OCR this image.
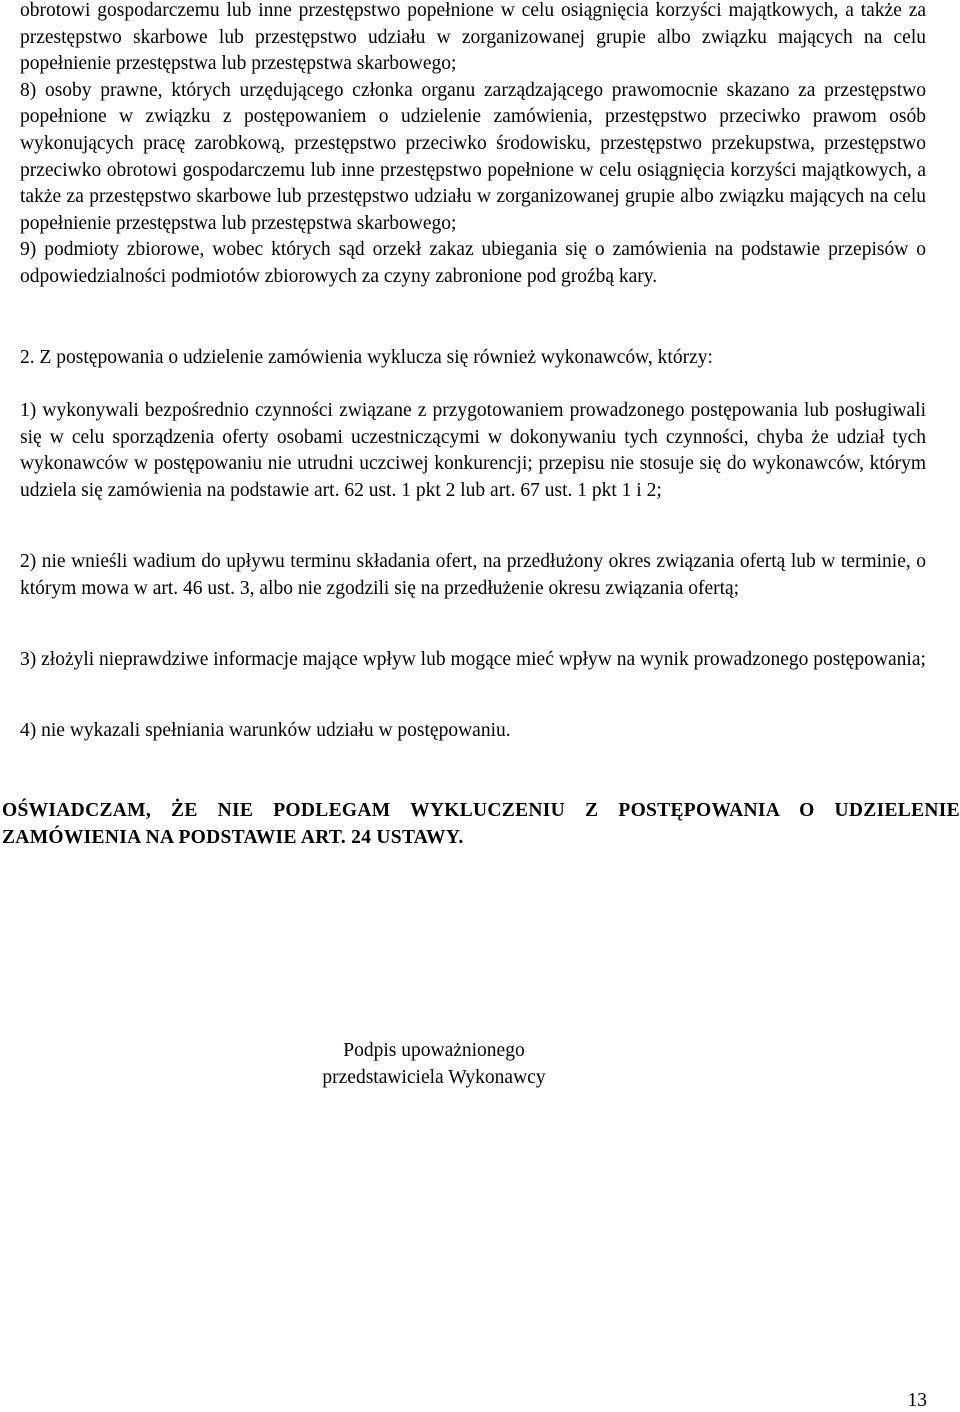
obrotowi gospodarczemu lub inne przestępstwo popełnione w celu osiągnięcia korzyści majątkowych, a także za przestępstwo skarbowe lub przestępstwo udziału w zorganizowanej grupie albo związku mających na celu popełnienie przestępstwa lub przestępstwa skarbowego;

8) osoby prawne, których urzędującego członka organu zarządzającego prawomocnie skazano za przestępstwo popełnione w związku z postępowaniem o udzielenie zamówienia, przestępstwo przeciwko prawom osób wykonujących pracę zarobkową, przestępstwo przeciwko środowisku, przestępstwo przekupstwa, przestępstwo przeciwko obrotowi gospodarczemu lub inne przestępstwo popełnione w celu osiągnięcia korzyści majątkowych, a także za przestępstwo skarbowe lub przestępstwo udziału w zorganizowanej grupie albo związku mających na celu popełnienie przestępstwa lub przestępstwa skarbowego;

9) podmioty zbiorowe, wobec których sąd orzekł zakaz ubiegania się o zamówienia na podstawie przepisów o odpowiedzialności podmiotów zbiorowych za czyny zabronione pod groźbą kary.

2. Z postępowania o udzielenie zamówienia wyklucza się również wykonawców, którzy:

1) wykonywali bezpośrednio czynności związane z przygotowaniem prowadzonego postępowania lub posługiwali się w celu sporządzenia oferty osobami uczestniczącymi w dokonywaniu tych czynności, chyba że udział tych wykonawców w postępowaniu nie utrudni uczciwej konkurencji; przepisu nie stosuje się do wykonawców, którym udziela się zamówienia na podstawie art. 62 ust. 1 pkt 2 lub art. 67 ust. 1 pkt 1 i 2;

2) nie wnieśli wadium do upływu terminu składania ofert, na przedłużony okres związania ofertą lub w terminie, o którym mowa w art. 46 ust. 3, albo nie zgodzili się na przedłużenie okresu związania ofertą;

3) złożyli nieprawdziwe informacje mające wpływ lub mogące mieć wpływ na wynik prowadzonego postępowania;

4) nie wykazali spełniania warunków udziału w postępowaniu.

OŚWIADCZAM, ŻE NIE PODLEGAM WYKLUCZENIU Z POSTĘPOWANIA O UDZIELENIE ZAMÓWIENIA NA PODSTAWIE ART. 24 USTAWY.
Podpis upoważnionego
przedstawiciela Wykonawcy
13
